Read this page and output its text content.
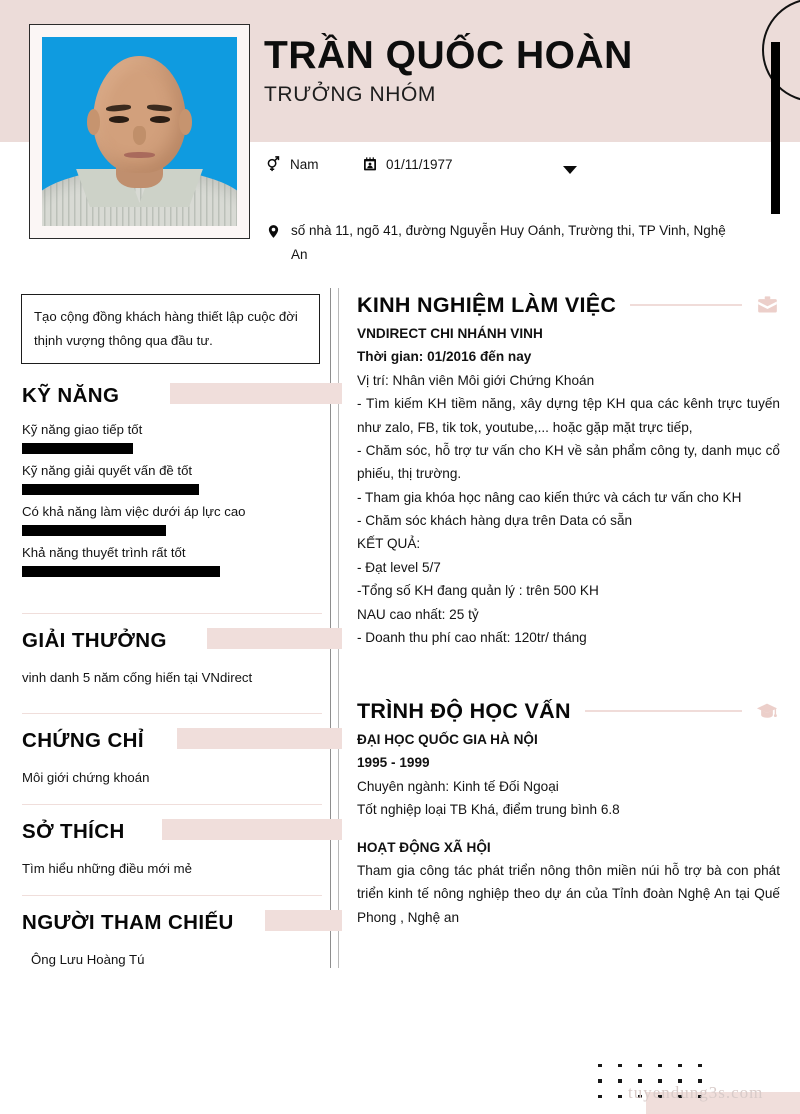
TRẦN QUỐC HOÀN
TRƯỞNG NHÓM
Nam	01/11/1977
số nhà 11, ngõ 41, đường Nguyễn Huy Oánh, Trường thi, TP Vinh, Nghệ An
Tạo cộng đồng khách hàng thiết lập cuộc đời thịnh vượng thông qua đầu tư.
KỸ NĂNG
Kỹ năng giao tiếp tốt
Kỹ năng giải quyết vấn đề tốt
Có khả năng làm việc dưới áp lực cao
Khả năng thuyết trình rất tốt
GIẢI THƯỞNG
vinh danh 5 năm cống hiến tại VNdirect
CHỨNG CHỈ
Môi giới chứng khoán
SỞ THÍCH
Tìm hiểu những điều mới mẻ
NGƯỜI THAM CHIẾU
Ông Lưu Hoàng Tú
KINH NGHIỆM LÀM VIỆC
VNDIRECT CHI NHÁNH VINH
Thời gian: 01/2016 đến nay
Vị trí: Nhân viên Môi giới Chứng Khoán
- Tìm kiếm KH tiềm năng, xây dựng tệp KH qua các kênh trực tuyến như zalo, FB, tik tok, youtube,... hoặc gặp mặt trực tiếp,
- Chăm sóc, hỗ trợ tư vấn cho KH về sản phẩm công ty, danh mục cổ phiếu, thị trường.
- Tham gia khóa học nâng cao kiến thức và cách tư vấn cho KH
- Chăm sóc khách hàng dựa trên Data có sẵn
KẾT QUẢ:
- Đạt level 5/7
-Tổng số KH đang quản lý : trên 500 KH
NAU cao nhất: 25 tỷ
- Doanh thu phí cao nhất: 120tr/ tháng
TRÌNH ĐỘ HỌC VẤN
ĐẠI HỌC QUỐC GIA HÀ NỘI
1995 - 1999
Chuyên ngành: Kinh tế Đối Ngoại
Tốt nghiệp loại TB Khá, điểm trung bình 6.8
HOẠT ĐỘNG XÃ HỘI
Tham gia công tác phát triển nông thôn miền núi hỗ trợ bà con phát triển kinh tế nông nghiệp theo dự án của Tỉnh đoàn Nghệ An tại Quế Phong , Nghệ an
tuyendung3s.com
